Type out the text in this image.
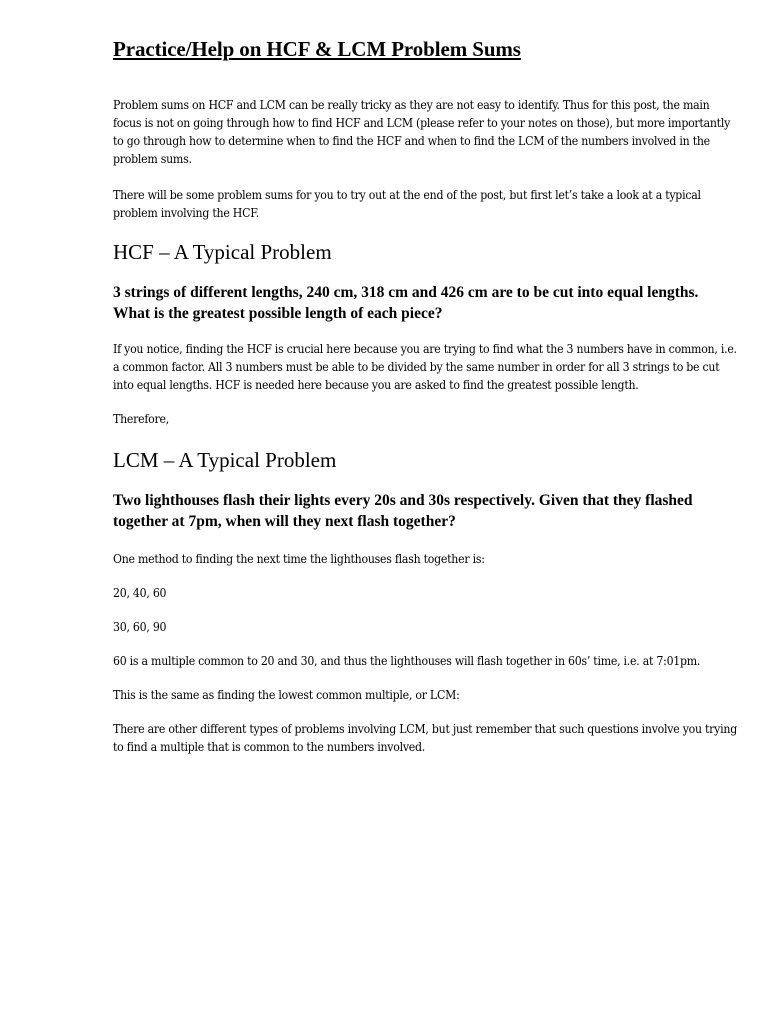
Practice/Help on HCF & LCM Problem Sums

Problem sums on HCF and LCM can be really tricky as they are not easy to identify. Thus for this post, the main focus is not on going through how to find HCF and LCM (please refer to your notes on those), but more importantly to go through how to determine when to find the HCF and when to find the LCM of the numbers involved in the problem sums.

There will be some problem sums for you to try out at the end of the post, but first let’s take a look at a typical problem involving the HCF.

HCF – A Typical Problem

3 strings of different lengths, 240 cm, 318 cm and 426 cm are to be cut into equal lengths. What is the greatest possible length of each piece?

If you notice, finding the HCF is crucial here because you are trying to find what the 3 numbers have in common, i.e. a common factor. All 3 numbers must be able to be divided by the same number in order for all 3 strings to be cut into equal lengths. HCF is needed here because you are asked to find the greatest possible length.

Therefore,

LCM – A Typical Problem

Two lighthouses flash their lights every 20s and 30s respectively. Given that they flashed together at 7pm, when will they next flash together?

One method to finding the next time the lighthouses flash together is:

20, 40, 60

30, 60, 90

60 is a multiple common to 20 and 30, and thus the lighthouses will flash together in 60s’ time, i.e. at 7:01pm.

This is the same as finding the lowest common multiple, or LCM:

There are other different types of problems involving LCM, but just remember that such questions involve you trying to find a multiple that is common to the numbers involved.
